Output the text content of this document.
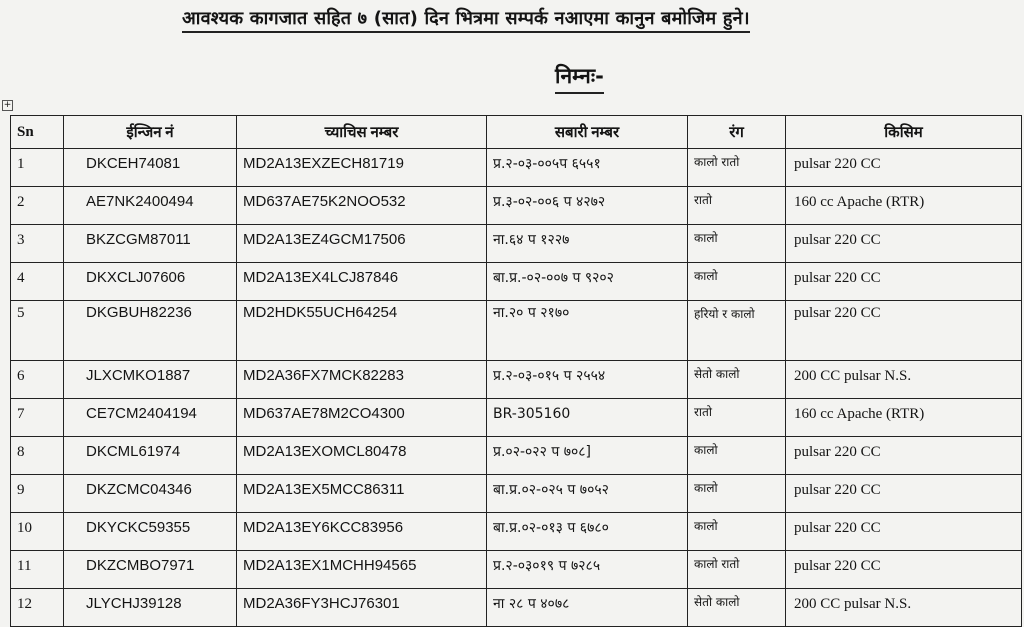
आवश्यक कागजात सहित ७ (सात) दिन भित्रमा सम्पर्क नआएमा कानुन बमोजिम हुने।
निम्नः-
+
Sn	ईन्जिन नं	च्याचिस नम्बर	सबारी नम्बर	रंग	किसिम
1	DKCEH74081	MD2A13EXZECH81719	प्र.२-०३-००५प ६५५१	कालो रातो	pulsar 220 CC
2	AE7NK2400494	MD637AE75K2NOO532	प्र.३-०२-००६ प ४२७२	रातो	160 cc Apache (RTR)
3	BKZCGM87011	MD2A13EZ4GCM17506	ना.६४ प १२२७	कालो	pulsar 220 CC
4	DKXCLJ07606	MD2A13EX4LCJ87846	बा.प्र.-०२-००७ प ९२०२	कालो	pulsar 220 CC
5	DKGBUH82236	MD2HDK55UCH64254	ना.२० प २१७०	हरियो र कालो	pulsar 220 CC
6	JLXCMKO1887	MD2A36FX7MCK82283	प्र.२-०३-०१५ प २५५४	सेतो कालो	200 CC pulsar N.S.
7	CE7CM2404194	MD637AE78M2CO4300	BR-305160	रातो	160 cc Apache (RTR)
8	DKCML61974	MD2A13EXOMCL80478	प्र.०२-०२२ प ७०८]	कालो	pulsar 220 CC
9	DKZCMC04346	MD2A13EX5MCC86311	बा.प्र.०२-०२५ प ७०५२	कालो	pulsar 220 CC
10	DKYCKC59355	MD2A13EY6KCC83956	बा.प्र.०२-०१३ प ६७८०	कालो	pulsar 220 CC
11	DKZCMBO7971	MD2A13EX1MCHH94565	प्र.२-०३०१९ प ७२८५	कालो रातो	pulsar 220 CC
12	JLYCHJ39128	MD2A36FY3HCJ76301	ना २८ प ४०७८	सेतो कालो	200 CC pulsar N.S.
